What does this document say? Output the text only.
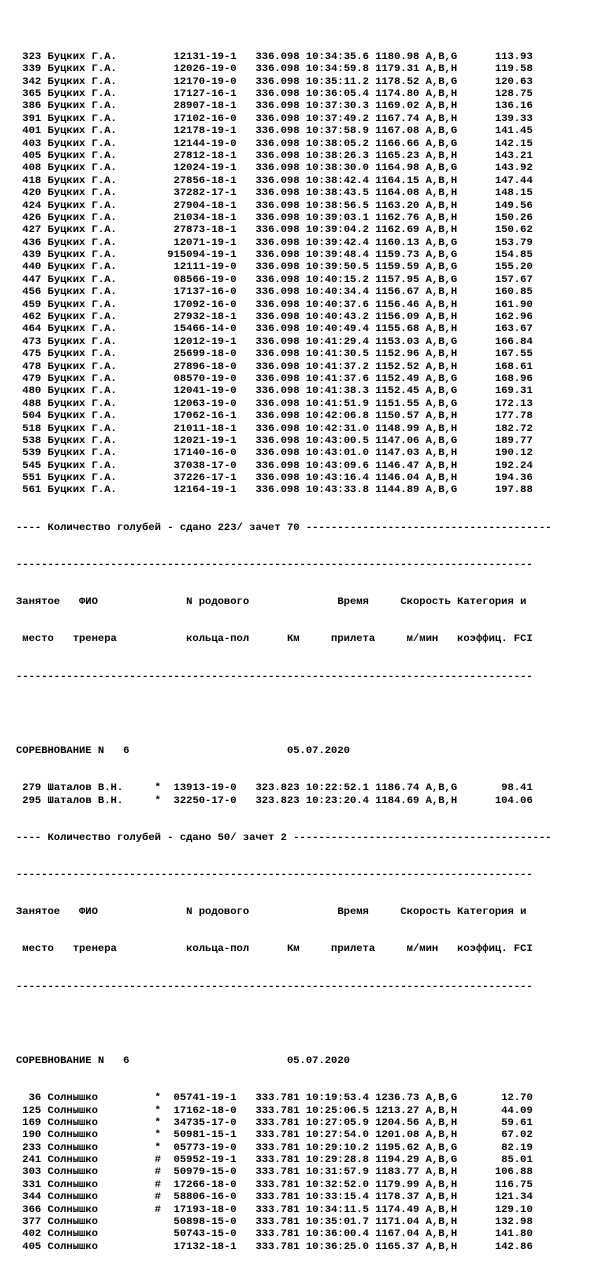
323 Буцких Г.А.         12131-19-1   336.098 10:34:35.6 1180.98 A,B,G      113.93
339 Буцких Г.А.         12026-19-0   336.098 10:34:59.8 1179.31 A,B,H      119.58
342 Буцких Г.А.         12170-19-0   336.098 10:35:11.2 1178.52 A,B,G      120.63
365 Буцких Г.А.         17127-16-1   336.098 10:36:05.4 1174.80 A,B,H      128.75
386 Буцких Г.А.         28907-18-1   336.098 10:37:30.3 1169.02 A,B,H      136.16
391 Буцких Г.А.         17102-16-0   336.098 10:37:49.2 1167.74 A,B,H      139.33
401 Буцких Г.А.         12178-19-1   336.098 10:37:58.9 1167.08 A,B,G      141.45
403 Буцких Г.А.         12144-19-0   336.098 10:38:05.2 1166.66 A,B,G      142.15
405 Буцких Г.А.         27812-18-1   336.098 10:38:26.3 1165.23 A,B,H      143.21
408 Буцких Г.А.         12024-19-1   336.098 10:38:30.0 1164.98 A,B,G      143.92
418 Буцких Г.А.         27856-18-1   336.098 10:38:42.4 1164.15 A,B,H      147.44
420 Буцких Г.А.         37282-17-1   336.098 10:38:43.5 1164.08 A,B,H      148.15
424 Буцких Г.А.         27904-18-1   336.098 10:38:56.5 1163.20 A,B,H      149.56
426 Буцких Г.А.         21034-18-1   336.098 10:39:03.1 1162.76 A,B,H      150.26
427 Буцких Г.А.         27873-18-1   336.098 10:39:04.2 1162.69 A,B,H      150.62
436 Буцких Г.А.         12071-19-1   336.098 10:39:42.4 1160.13 A,B,G      153.79
439 Буцких Г.А.        915094-19-1   336.098 10:39:48.4 1159.73 A,B,G      154.85
440 Буцких Г.А.         12111-19-0   336.098 10:39:50.5 1159.59 A,B,G      155.20
447 Буцких Г.А.         08566-19-0   336.098 10:40:15.2 1157.95 A,B,G      157.67
456 Буцких Г.А.         17137-16-0   336.098 10:40:34.4 1156.67 A,B,H      160.85
459 Буцких Г.А.         17092-16-0   336.098 10:40:37.6 1156.46 A,B,H      161.90
462 Буцких Г.А.         27932-18-1   336.098 10:40:43.2 1156.09 A,B,H      162.96
464 Буцких Г.А.         15466-14-0   336.098 10:40:49.4 1155.68 A,B,H      163.67
473 Буцких Г.А.         12012-19-1   336.098 10:41:29.4 1153.03 A,B,G      166.84
475 Буцких Г.А.         25699-18-0   336.098 10:41:30.5 1152.96 A,B,H      167.55
478 Буцких Г.А.         27896-18-0   336.098 10:41:37.2 1152.52 A,B,H      168.61
479 Буцких Г.А.         08570-19-0   336.098 10:41:37.6 1152.49 A,B,G      168.96
480 Буцких Г.А.         12041-19-0   336.098 10:41:38.3 1152.45 A,B,G      169.31
488 Буцких Г.А.         12063-19-0   336.098 10:41:51.9 1151.55 A,B,G      172.13
504 Буцких Г.А.         17062-16-1   336.098 10:42:06.8 1150.57 A,B,H      177.78
518 Буцких Г.А.         21011-18-1   336.098 10:42:31.0 1148.99 A,B,H      182.72
538 Буцких Г.А.         12021-19-1   336.098 10:43:00.5 1147.06 A,B,G      189.77
539 Буцких Г.А.         17140-16-0   336.098 10:43:01.0 1147.03 A,B,H      190.12
545 Буцких Г.А.         37038-17-0   336.098 10:43:09.6 1146.47 A,B,H      192.24
551 Буцких Г.А.         37226-17-1   336.098 10:43:16.4 1146.04 A,B,H      194.36
561 Буцких Г.А.         12164-19-1   336.098 10:43:33.8 1144.89 A,B,G      197.88

---- Количество голубей - сдано 223/ зачет 70 ---------------------------------------

----------------------------------------------------------------------------------

Занятое   ФИО              N родового              Время     Скорость Категория и

место   тренера           кольца-пол      Км     прилета     м/мин   коэффиц. FCI

----------------------------------------------------------------------------------

СОРЕВНОВАНИЕ N   6                         05.07.2020

279 Шаталов В.Н.     *  13913-19-0   323.823 10:22:52.1 1186.74 A,B,G       98.41
295 Шаталов В.Н.     *  32250-17-0   323.823 10:23:20.4 1184.69 A,B,H      104.06

---- Количество голубей - сдано 50/ зачет 2 -----------------------------------------

----------------------------------------------------------------------------------

Занятое   ФИО              N родового              Время     Скорость Категория и

место   тренера           кольца-пол      Км     прилета     м/мин   коэффиц. FCI

----------------------------------------------------------------------------------

СОРЕВНОВАНИЕ N   6                         05.07.2020

36 Солнышко         *  05741-19-1   333.781 10:19:53.4 1236.73 A,B,G       12.70
125 Солнышко         *  17162-18-0   333.781 10:25:06.5 1213.27 A,B,H       44.09
169 Солнышко         *  34735-17-0   333.781 10:27:05.9 1204.56 A,B,H       59.61
190 Солнышко         *  50981-15-1   333.781 10:27:54.0 1201.08 A,B,H       67.02
233 Солнышко         *  05773-19-0   333.781 10:29:10.2 1195.62 A,B,G       82.19
241 Солнышко         #  05952-19-1   333.781 10:29:28.8 1194.29 A,B,G       85.01
303 Солнышко         #  50979-15-0   333.781 10:31:57.9 1183.77 A,B,H      106.88
331 Солнышко         #  17266-18-0   333.781 10:32:52.0 1179.99 A,B,H      116.75
344 Солнышко         #  58806-16-0   333.781 10:33:15.4 1178.37 A,B,H      121.34
366 Солнышко         #  17193-18-0   333.781 10:34:11.5 1174.49 A,B,H      129.10
377 Солнышко            50898-15-0   333.781 10:35:01.7 1171.04 A,B,H      132.98
402 Солнышко            50743-15-0   333.781 10:36:00.4 1167.04 A,B,H      141.80
405 Солнышко            17132-18-1   333.781 10:36:25.0 1165.37 A,B,H      142.86
